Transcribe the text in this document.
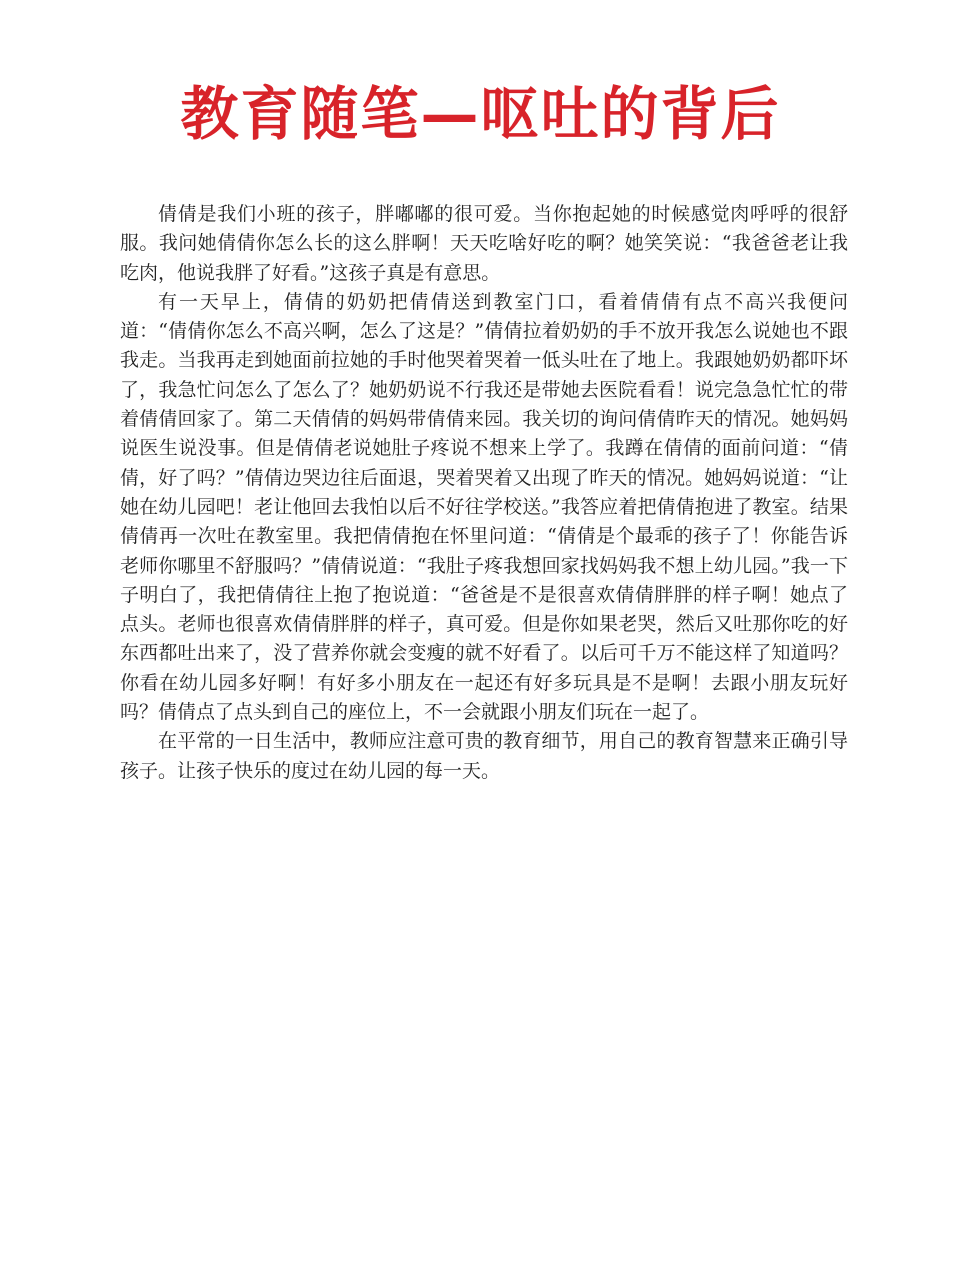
教育随笔—呕吐的背后

倩倩是我们小班的孩子，胖嘟嘟的很可爱。当你抱起她的时候感觉肉呼呼的很舒服。我问她倩倩你怎么长的这么胖啊！天天吃啥好吃的啊？她笑笑说：“我爸爸老让我吃肉，他说我胖了好看。”这孩子真是有意思。

有一天早上，倩倩的奶奶把倩倩送到教室门口，看着倩倩有点不高兴我便问道：“倩倩你怎么不高兴啊，怎么了这是？”倩倩拉着奶奶的手不放开我怎么说她也不跟我走。当我再走到她面前拉她的手时他哭着哭着一低头吐在了地上。我跟她奶奶都吓坏了，我急忙问怎么了怎么了？她奶奶说不行我还是带她去医院看看！说完急急忙忙的带着倩倩回家了。第二天倩倩的妈妈带倩倩来园。我关切的询问倩倩昨天的情况。她妈妈说医生说没事。但是倩倩老说她肚子疼说不想来上学了。我蹲在倩倩的面前问道：“倩倩，好了吗？”倩倩边哭边往后面退，哭着哭着又出现了昨天的情况。她妈妈说道：“让她在幼儿园吧！老让他回去我怕以后不好往学校送。”我答应着把倩倩抱进了教室。结果倩倩再一次吐在教室里。我把倩倩抱在怀里问道：“倩倩是个最乖的孩子了！你能告诉老师你哪里不舒服吗？”倩倩说道：“我肚子疼我想回家找妈妈我不想上幼儿园。”我一下子明白了，我把倩倩往上抱了抱说道：“爸爸是不是很喜欢倩倩胖胖的样子啊！她点了点头。老师也很喜欢倩倩胖胖的样子，真可爱。但是你如果老哭，然后又吐那你吃的好东西都吐出来了，没了营养你就会变瘦的就不好看了。以后可千万不能这样了知道吗？你看在幼儿园多好啊！有好多小朋友在一起还有好多玩具是不是啊！去跟小朋友玩好吗？倩倩点了点头到自己的座位上，不一会就跟小朋友们玩在一起了。

在平常的一日生活中，教师应注意可贵的教育细节，用自己的教育智慧来正确引导孩子。让孩子快乐的度过在幼儿园的每一天。
